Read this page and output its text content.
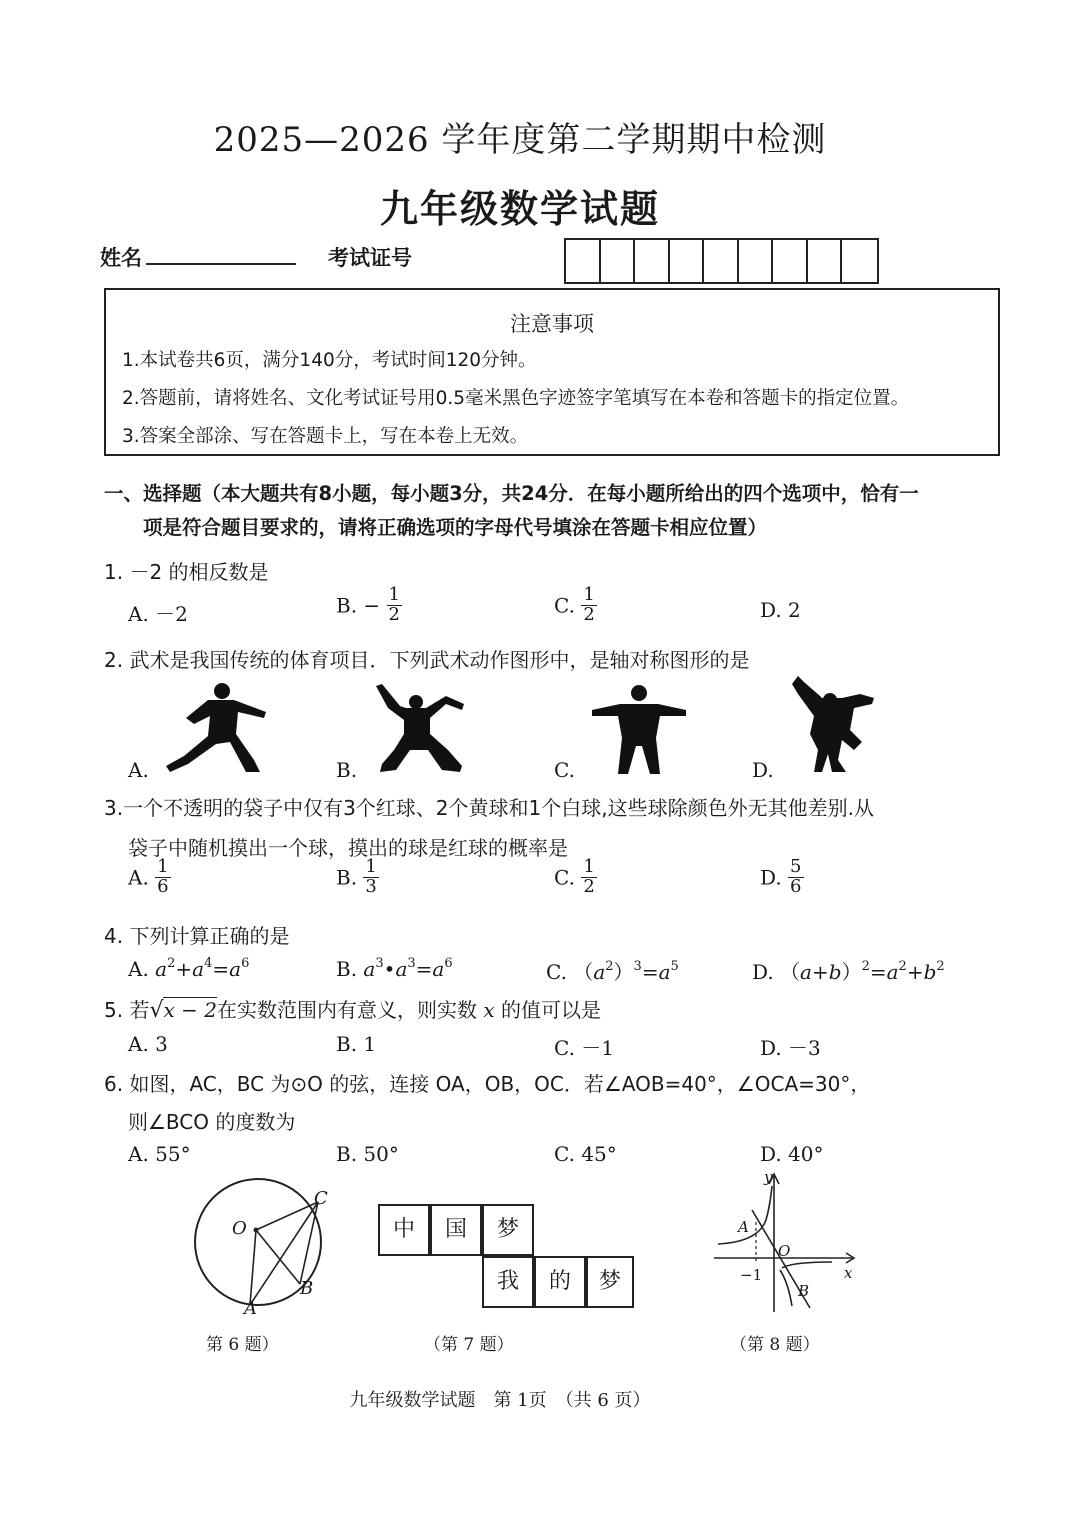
2025—2026 学年度第二学期期中检测
九年级数学试题
姓名	考试证号
注意事项
1.本试卷共6页，满分140分，考试时间120分钟。
2.答题前，请将姓名、文化考试证号用0.5毫米黑色字迹签字笔填写在本卷和答题卡的指定位置。
3.答案全部涂、写在答题卡上，写在本卷上无效。
一、选择题（本大题共有8小题，每小题3分，共24分．在每小题所给出的四个选项中，恰有一
项是符合题目要求的，请将正确选项的字母代号填涂在答题卡相应位置）
1. －2 的相反数是
A. －2	B. − $\frac{1}{2}$	C. $\frac{1}{2}$	D. 2
2. 武术是我国传统的体育项目．下列武术动作图形中，是轴对称图形的是
A.	B.	C.	D.
3.一个不透明的袋子中仅有3个红球、2个黄球和1个白球,这些球除颜色外无其他差别.从
袋子中随机摸出一个球，摸出的球是红球的概率是
A. $\frac{1}{6}$	B. $\frac{1}{3}$	C. $\frac{1}{2}$	D. $\frac{5}{6}$
4. 下列计算正确的是
A. $a^2+a^4=a^6$	B. $a^3•a^3=a^6$	C. $(a^2)^3=a^5$	D. $(a+b)^2=a^2+b^2$
5. 若√x − 2在实数范围内有意义，则实数 x 的值可以是
A. 3	B. 1	C. －1	D. －3
6. 如图，AC，BC 为⊙O 的弦，连接 OA，OB，OC．若∠AOB=40°，∠OCA=30°，
则∠BCO 的度数为
A. 55°	B. 50°	C. 45°	D. 40°
O
A
B
C
第 6 题）
中	国	梦
我	的	梦
（第 7 题）
y
x
O
A
B
−1
（第 8 题）
九年级数学试题　第 1页　（共 6 页）
